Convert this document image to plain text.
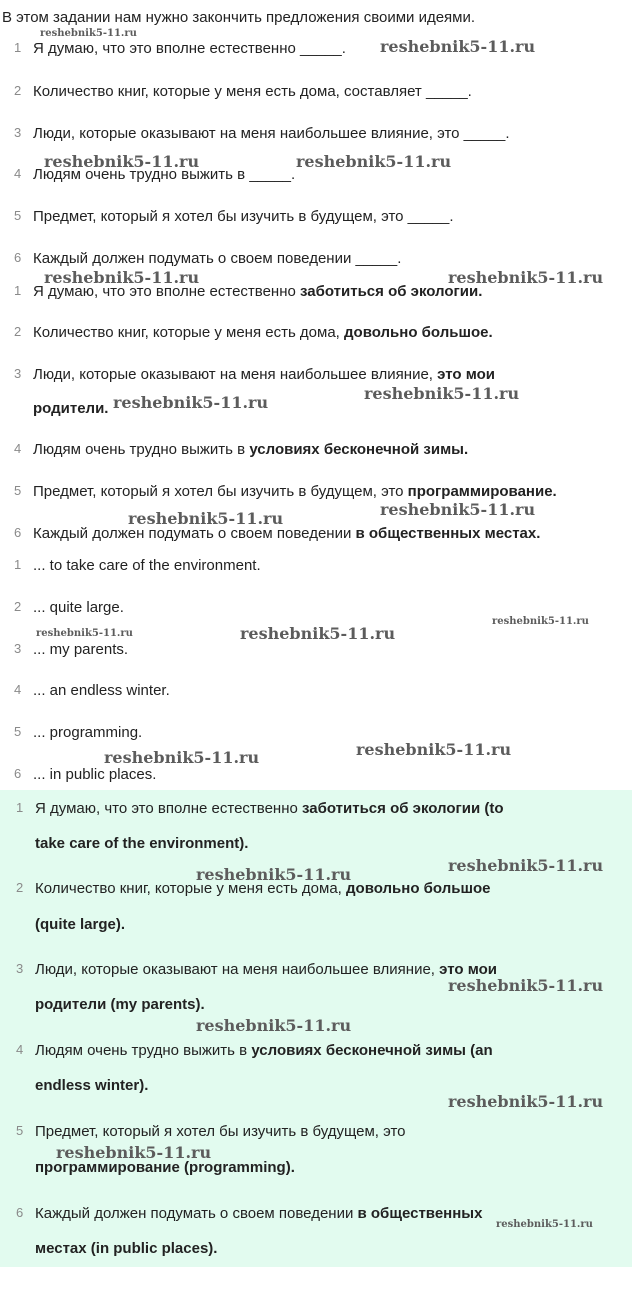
В этом задании нам нужно закончить предложения своими идеями.
1 Я думаю, что это вполне естественно _____.
2 Количество книг, которые у меня есть дома, составляет _____.
3 Люди, которые оказывают на меня наибольшее влияние, это _____.
4 Людям очень трудно выжить в _____.
5 Предмет, который я хотел бы изучить в будущем, это _____.
6 Каждый должен подумать о своем поведении _____.
1 Я думаю, что это вполне естественно заботиться об экологии.
2 Количество книг, которые у меня есть дома, довольно большое.
3 Люди, которые оказывают на меня наибольшее влияние, это мои
родители.
4 Людям очень трудно выжить в условиях бесконечной зимы.
5 Предмет, который я хотел бы изучить в будущем, это программирование.
6 Каждый должен подумать о своем поведении в общественных местах.
1 ... to take care of the environment.
2 ... quite large.
3 ... my parents.
4 ... an endless winter.
5 ... programming.
6 ... in public places.
1 Я думаю, что это вполне естественно заботиться об экологии (to
take care of the environment).
2 Количество книг, которые у меня есть дома, довольно большое
(quite large).
3 Люди, которые оказывают на меня наибольшее влияние, это мои
родители (my parents).
4 Людям очень трудно выжить в условиях бесконечной зимы (an
endless winter).
5 Предмет, который я хотел бы изучить в будущем, это
программирование (programming).
6 Каждый должен подумать о своем поведении в общественных
местах (in public places).
reshebnik5-11.ru
reshebnik5-11.ru
reshebnik5-11.ru	reshebnik5-11.ru
reshebnik5-11.ru	reshebnik5-11.ru
reshebnik5-11.ru	reshebnik5-11.ru
reshebnik5-11.ru	reshebnik5-11.ru
reshebnik5-11.ru	reshebnik5-11.ru
reshebnik5-11.ru
reshebnik5-11.ru	reshebnik5-11.ru
reshebnik5-11.ru	reshebnik5-11.ru
reshebnik5-11.ru
reshebnik5-11.ru
reshebnik5-11.ru
reshebnik5-11.ru
reshebnik5-11.ru
